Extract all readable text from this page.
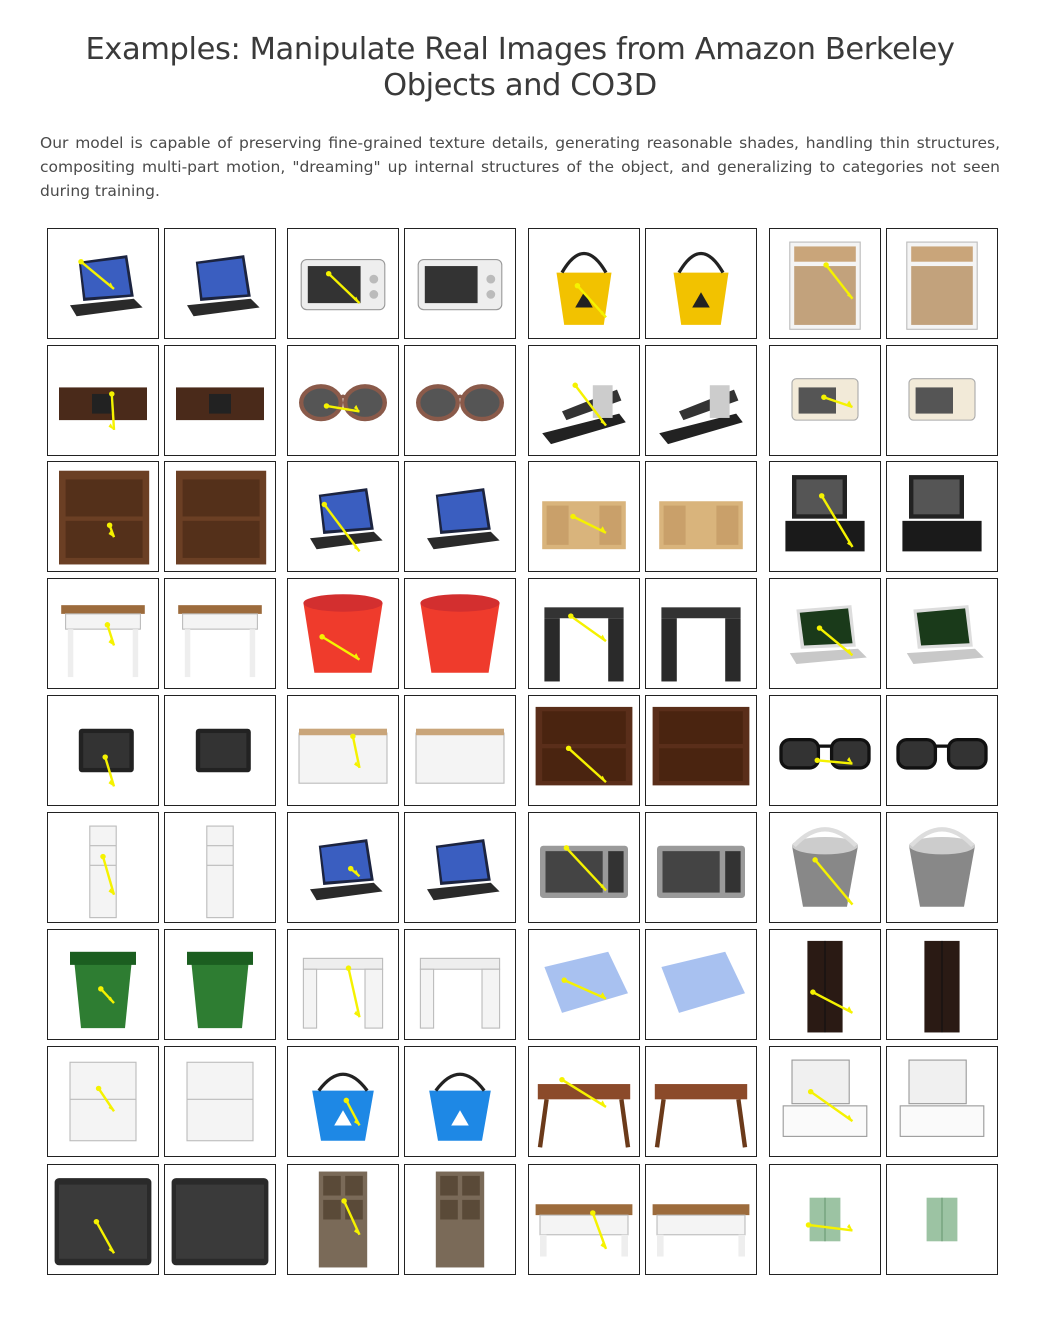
Examples: Manipulate Real Images from Amazon Berkeley Objects and CO3D
Our model is capable of preserving fine-grained texture details, generating reasonable shades, handling thin structures, compositing multi-part motion, "dreaming" up internal structures of the object, and generalizing to categories not seen during training.
